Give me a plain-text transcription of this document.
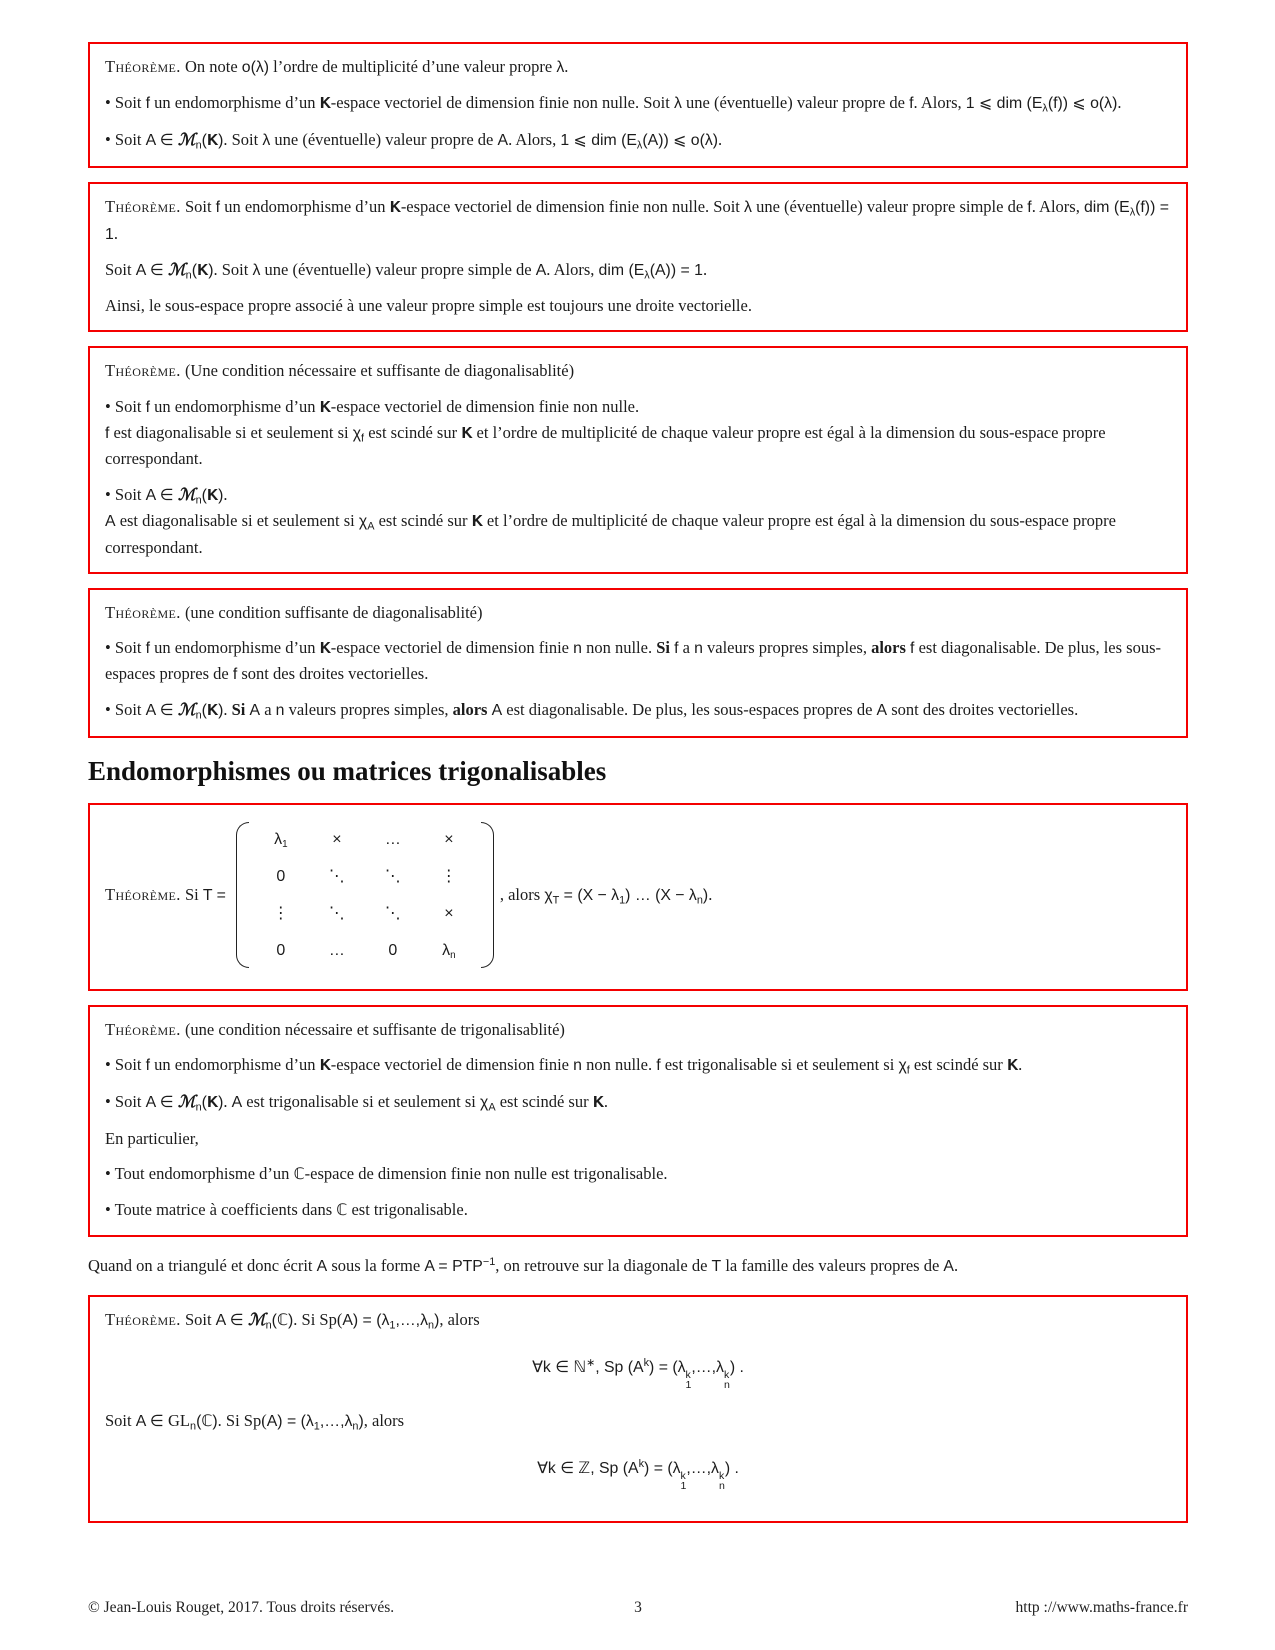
Théorème. On note o(λ) l’ordre de multiplicité d’une valeur propre λ.

• Soit f un endomorphisme d’un K-espace vectoriel de dimension finie non nulle. Soit λ une (éventuelle) valeur propre de f. Alors, 1 ⩽ dim (Eλ(f)) ⩽ o(λ).

• Soit A ∈ ℳn(K). Soit λ une (éventuelle) valeur propre de A. Alors, 1 ⩽ dim (Eλ(A)) ⩽ o(λ).

Théorème. Soit f un endomorphisme d’un K-espace vectoriel de dimension finie non nulle. Soit λ une (éventuelle) valeur propre simple de f. Alors, dim (Eλ(f)) = 1.

Soit A ∈ ℳn(K). Soit λ une (éventuelle) valeur propre simple de A. Alors, dim (Eλ(A)) = 1.

Ainsi, le sous-espace propre associé à une valeur propre simple est toujours une droite vectorielle.

Théorème. (Une condition nécessaire et suffisante de diagonalisablité)

• Soit f un endomorphisme d’un K-espace vectoriel de dimension finie non nulle.

f est diagonalisable si et seulement si χf est scindé sur K et l’ordre de multiplicité de chaque valeur propre est égal à la dimension du sous-espace propre correspondant.

• Soit A ∈ ℳn(K).

A est diagonalisable si et seulement si χA est scindé sur K et l’ordre de multiplicité de chaque valeur propre est égal à la dimension du sous-espace propre correspondant.

Théorème. (une condition suffisante de diagonalisablité)

• Soit f un endomorphisme d’un K-espace vectoriel de dimension finie n non nulle. Si f a n valeurs propres simples, alors f est diagonalisable. De plus, les sous-espaces propres de f sont des droites vectorielles.

• Soit A ∈ ℳn(K). Si A a n valeurs propres simples, alors A est diagonalisable. De plus, les sous-espaces propres de A sont des droites vectorielles.

Endomorphismes ou matrices trigonalisables
Théorème. Si T =
λ1	×	…	×
0	⋱	⋱	⋮
⋮	⋱	⋱	×
0	…	0	λn
, alors χT = (X − λ1) … (X − λn).

Théorème. (une condition nécessaire et suffisante de trigonalisablité)

• Soit f un endomorphisme d’un K-espace vectoriel de dimension finie n non nulle. f est trigonalisable si et seulement si χf est scindé sur K.

• Soit A ∈ ℳn(K). A est trigonalisable si et seulement si χA est scindé sur K.

En particulier,

• Tout endomorphisme d’un ℂ-espace de dimension finie non nulle est trigonalisable.

• Toute matrice à coefficients dans ℂ est trigonalisable.

Quand on a triangulé et donc écrit A sous la forme $A = PTP^{-1}$, on retrouve sur la diagonale de T la famille des valeurs propres de A.

Théorème. Soit A ∈ ℳn(ℂ). Si Sp(A) = (λ1,…,λn), alors

∀k ∈ ℕ∗, Sp $(A^k) = (\lambda$ k
1
,…,λ k
n
) .

Soit A ∈ GLn(ℂ). Si Sp(A) = (λ1,…,λn), alors

∀k ∈ ℤ, Sp $(A^k) = (\lambda$ k
1
,…,λ k
n
) .

© Jean-Louis Rouget, 2017. Tous droits réservés.	3	http ://www.maths-france.fr
